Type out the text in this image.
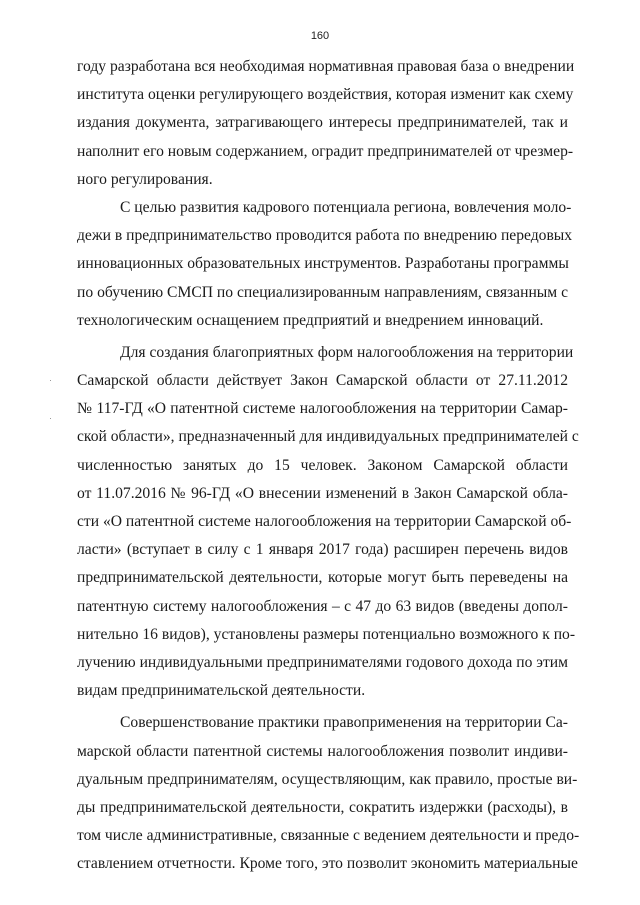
160
году разработана вся необходимая нормативная правовая база о внедрении
института оценки регулирующего воздействия, которая изменит как схему
издания документа, затрагивающего интересы предпринимателей, так и
наполнит его новым содержанием, оградит предпринимателей от чрезмер-
ного регулирования.
С целью развития кадрового потенциала региона, вовлечения моло-
дежи в предпринимательство проводится работа по внедрению передовых
инновационных образовательных инструментов. Разработаны программы
по обучению СМСП по специализированным направлениям, связанным с
технологическим оснащением предприятий и внедрением инноваций.
Для создания благоприятных форм налогообложения на территории
Самарской области действует Закон Самарской области от 27.11.2012
№ 117-ГД «О патентной системе налогообложения на территории Самар-
ской области», предназначенный для индивидуальных предпринимателей с
численностью занятых до 15 человек. Законом Самарской области
от 11.07.2016 № 96-ГД «О внесении изменений в Закон Самарской обла-
сти «О патентной системе налогообложения на территории Самарской об-
ласти» (вступает в силу с 1 января 2017 года) расширен перечень видов
предпринимательской деятельности, которые могут быть переведены на
патентную систему налогообложения – с 47 до 63 видов (введены допол-
нительно 16 видов), установлены размеры потенциально возможного к по-
лучению индивидуальными предпринимателями годового дохода по этим
видам предпринимательской деятельности.
Совершенствование практики правоприменения на территории Са-
марской области патентной системы налогообложения позволит индиви-
дуальным предпринимателям, осуществляющим, как правило, простые ви-
ды предпринимательской деятельности, сократить издержки (расходы), в
том числе административные, связанные с ведением деятельности и предо-
ставлением отчетности. Кроме того, это позволит экономить материальные
